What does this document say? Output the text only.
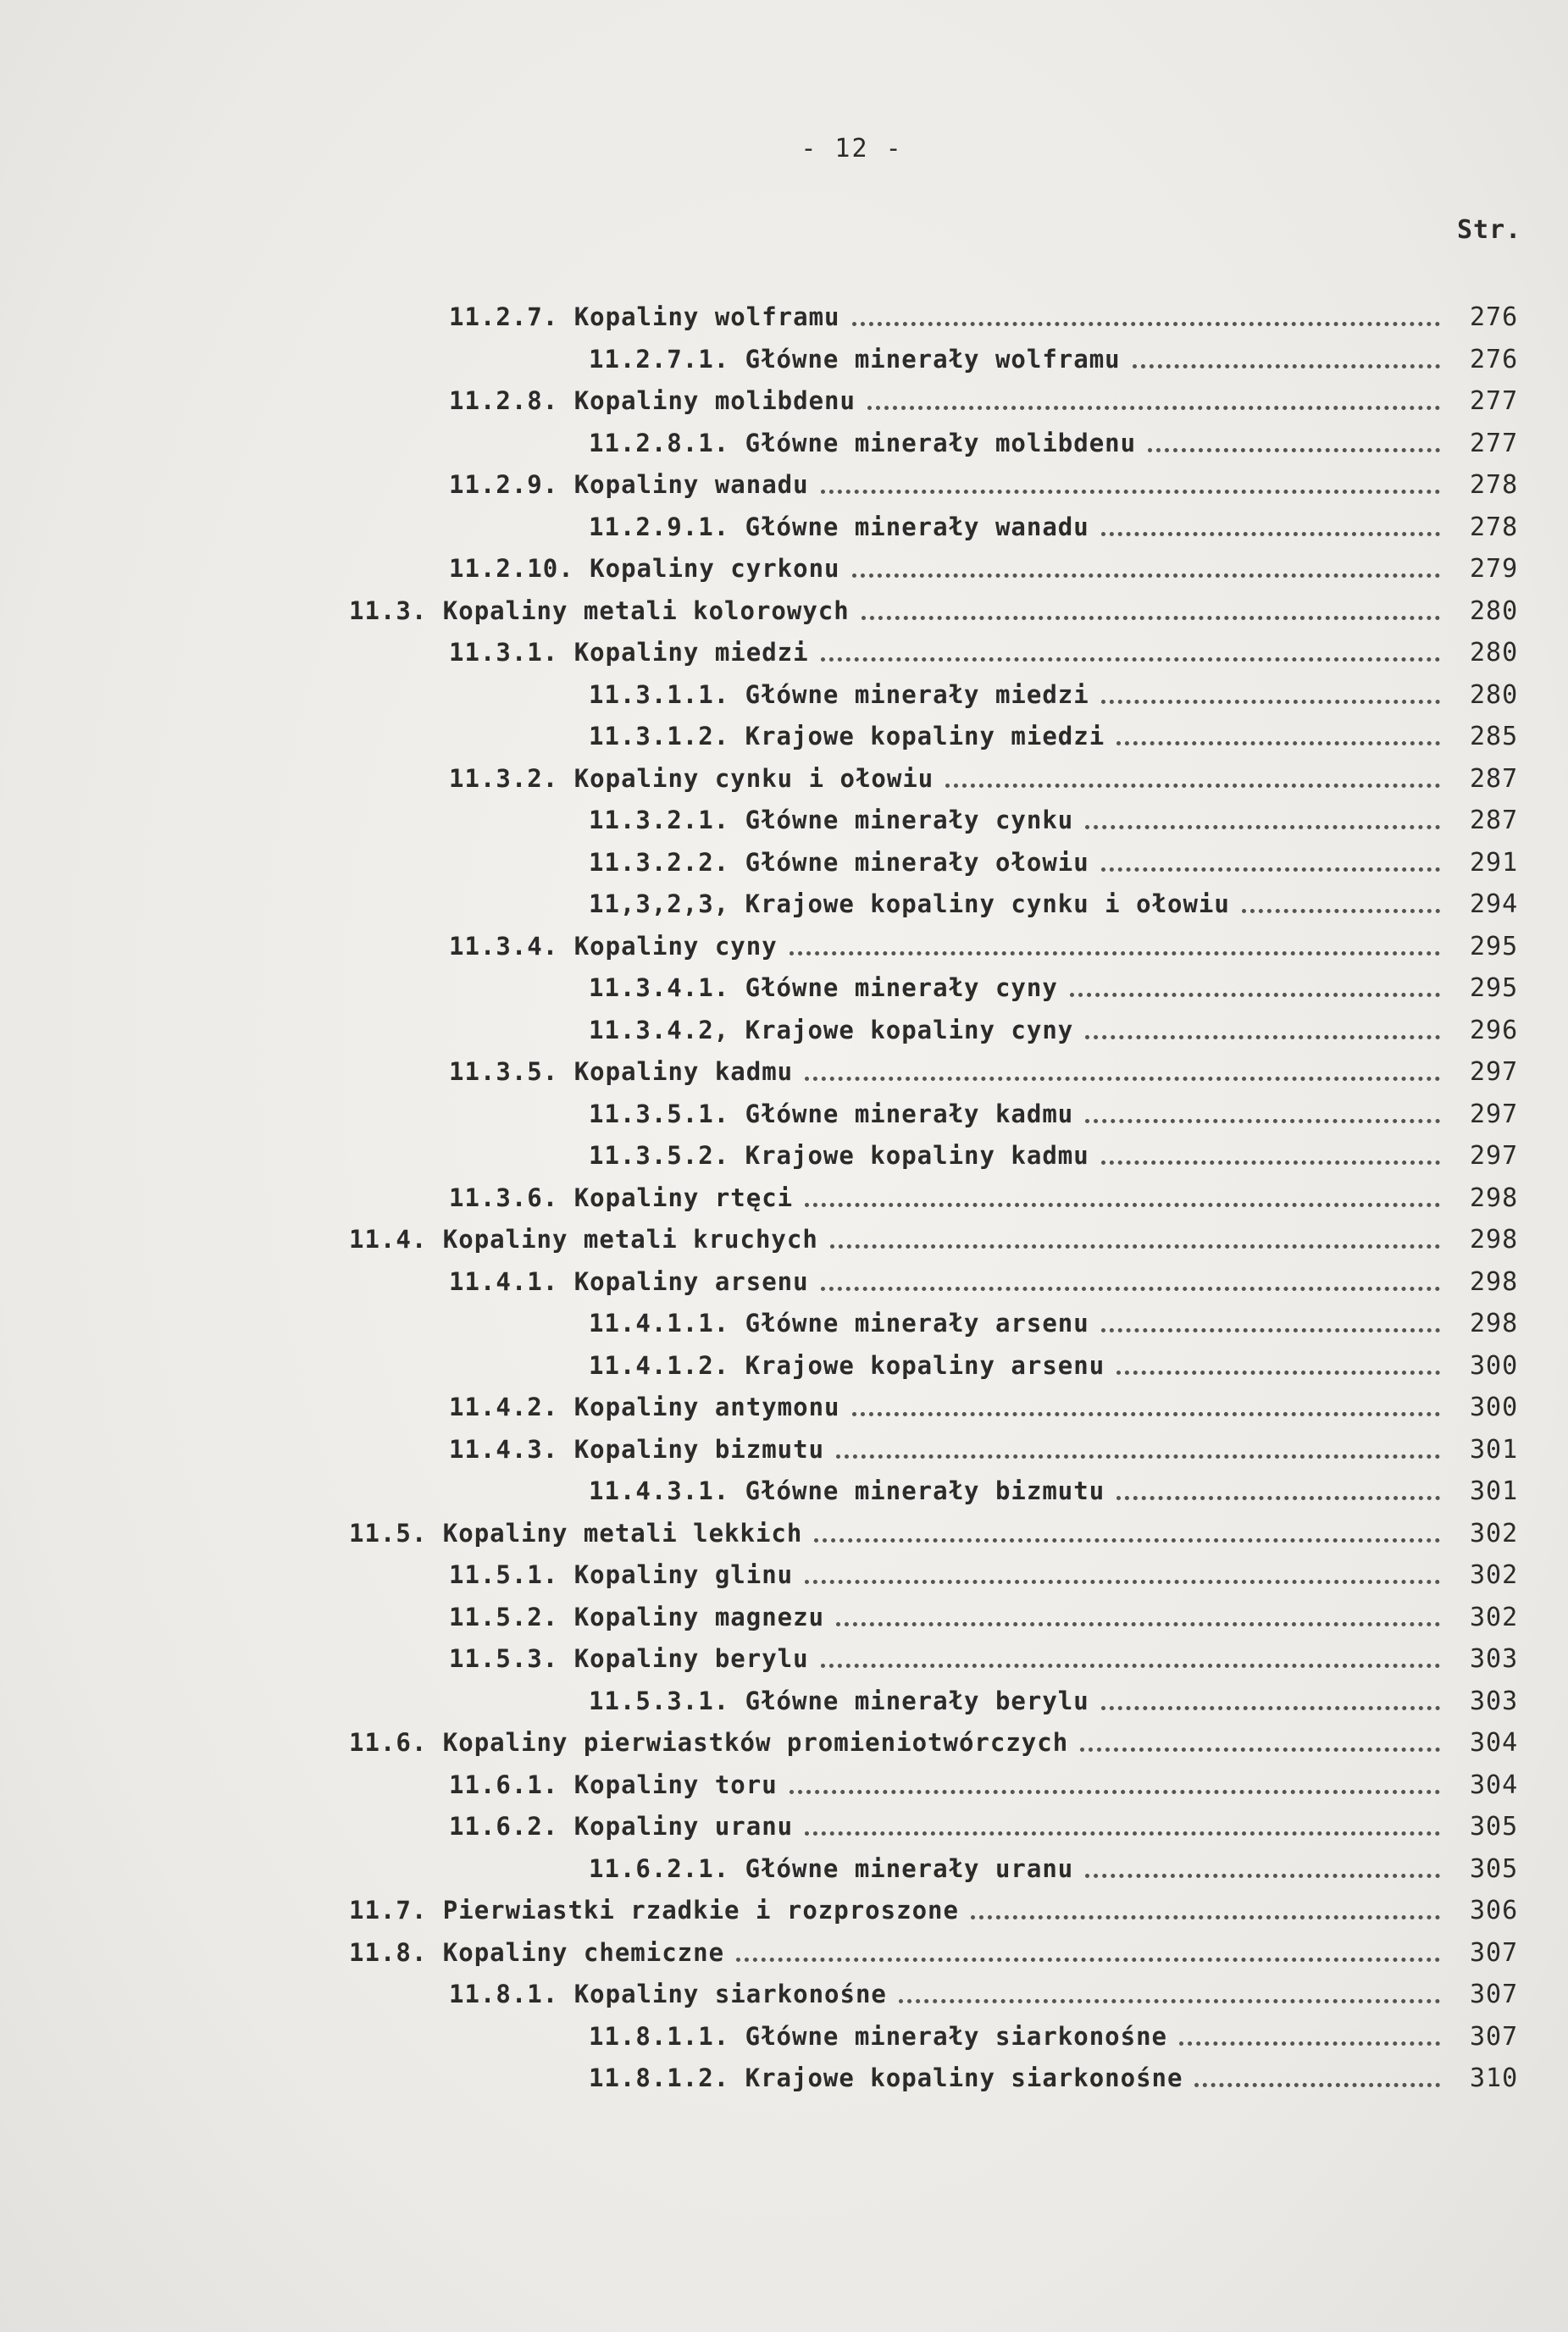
- 12 -
Str.
11.2.7. Kopaliny wolframu	276
11.2.7.1. Główne minerały wolframu	276
11.2.8. Kopaliny molibdenu	277
11.2.8.1. Główne minerały molibdenu	277
11.2.9. Kopaliny wanadu	278
11.2.9.1. Główne minerały wanadu	278
11.2.10. Kopaliny cyrkonu	279
11.3. Kopaliny metali kolorowych	280
11.3.1. Kopaliny miedzi	280
11.3.1.1. Główne minerały miedzi	280
11.3.1.2. Krajowe kopaliny miedzi	285
11.3.2. Kopaliny cynku i ołowiu	287
11.3.2.1. Główne minerały cynku	287
11.3.2.2. Główne minerały ołowiu	291
11,3,2,3, Krajowe kopaliny cynku i ołowiu	294
11.3.4. Kopaliny cyny	295
11.3.4.1. Główne minerały cyny	295
11.3.4.2, Krajowe kopaliny cyny	296
11.3.5. Kopaliny kadmu	297
11.3.5.1. Główne minerały kadmu	297
11.3.5.2. Krajowe kopaliny kadmu	297
11.3.6. Kopaliny rtęci	298
11.4. Kopaliny metali kruchych	298
11.4.1. Kopaliny arsenu	298
11.4.1.1. Główne minerały arsenu	298
11.4.1.2. Krajowe kopaliny arsenu	300
11.4.2. Kopaliny antymonu	300
11.4.3. Kopaliny bizmutu	301
11.4.3.1. Główne minerały bizmutu	301
11.5. Kopaliny metali lekkich	302
11.5.1. Kopaliny glinu	302
11.5.2. Kopaliny magnezu	302
11.5.3. Kopaliny berylu	303
11.5.3.1. Główne minerały berylu	303
11.6. Kopaliny pierwiastków promieniotwórczych	304
11.6.1. Kopaliny toru	304
11.6.2. Kopaliny uranu	305
11.6.2.1. Główne minerały uranu	305
11.7. Pierwiastki rzadkie i rozproszone	306
11.8. Kopaliny chemiczne	307
11.8.1. Kopaliny siarkonośne	307
11.8.1.1. Główne minerały siarkonośne	307
11.8.1.2. Krajowe kopaliny siarkonośne	310
